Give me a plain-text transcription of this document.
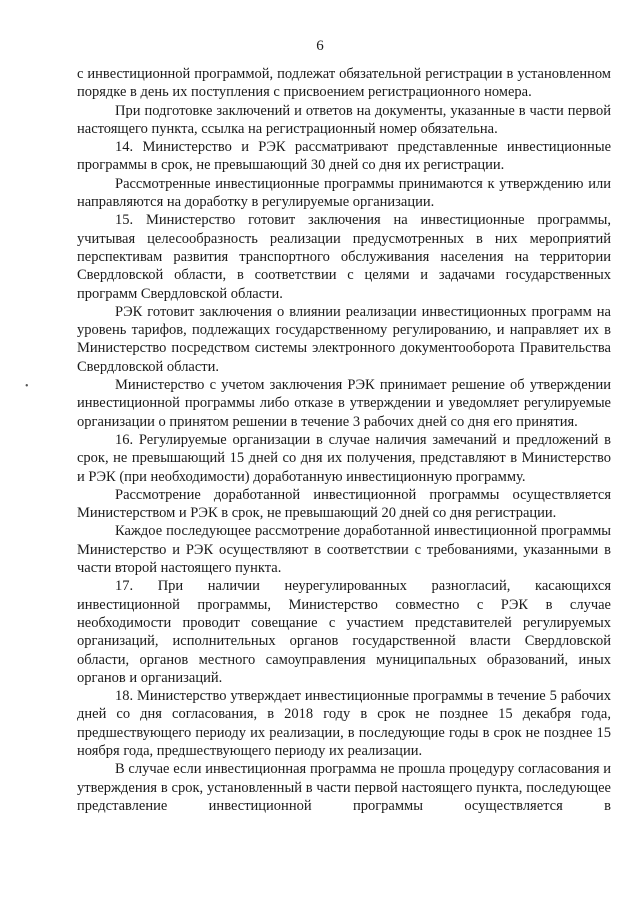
6

с инвестиционной программой, подлежат обязательной регистрации в установленном порядке в день их поступления с присвоением регистрационного номера.

При подготовке заключений и ответов на документы, указанные в части первой настоящего пункта, ссылка на регистрационный номер обязательна.

14. Министерство и РЭК рассматривают представленные инвестиционные программы в срок, не превышающий 30 дней со дня их регистрации.

Рассмотренные инвестиционные программы принимаются к утверждению или направляются на доработку в регулируемые организации.

15. Министерство готовит заключения на инвестиционные программы, учитывая целесообразность реализации предусмотренных в них мероприятий перспективам развития транспортного обслуживания населения на территории Свердловской области, в соответствии с целями и задачами государственных программ Свердловской области.

РЭК готовит заключения о влиянии реализации инвестиционных программ на уровень тарифов, подлежащих государственному регулированию, и направляет их в Министерство посредством системы электронного документооборота Правительства Свердловской области.

Министерство с учетом заключения РЭК принимает решение об утверждении инвестиционной программы либо отказе в утверждении и уведомляет регулируемые организации о принятом решении в течение 3 рабочих дней со дня его принятия.

16. Регулируемые организации в случае наличия замечаний и предложений в срок, не превышающий 15 дней со дня их получения, представляют в Министерство и РЭК (при необходимости) доработанную инвестиционную программу.

Рассмотрение доработанной инвестиционной программы осуществляется Министерством и РЭК в срок, не превышающий 20 дней со дня регистрации.

Каждое последующее рассмотрение доработанной инвестиционной программы Министерство и РЭК осуществляют в соответствии с требованиями, указанными в части второй настоящего пункта.

17. При наличии неурегулированных разногласий, касающихся инвестиционной программы, Министерство совместно с РЭК в случае необходимости проводит совещание с участием представителей регулируемых организаций, исполнительных органов государственной власти Свердловской области, органов местного самоуправления муниципальных образований, иных органов и организаций.

18. Министерство утверждает инвестиционные программы в течение 5 рабочих дней со дня согласования, в 2018 году в срок не позднее 15 декабря года, предшествующего периоду их реализации, в последующие годы в срок не позднее 15 ноября года, предшествующего периоду их реализации.

В случае если инвестиционная программа не прошла процедуру согласования и утверждения в срок, установленный в части первой настоящего пункта, последующее представление инвестиционной программы осуществляется в

•
